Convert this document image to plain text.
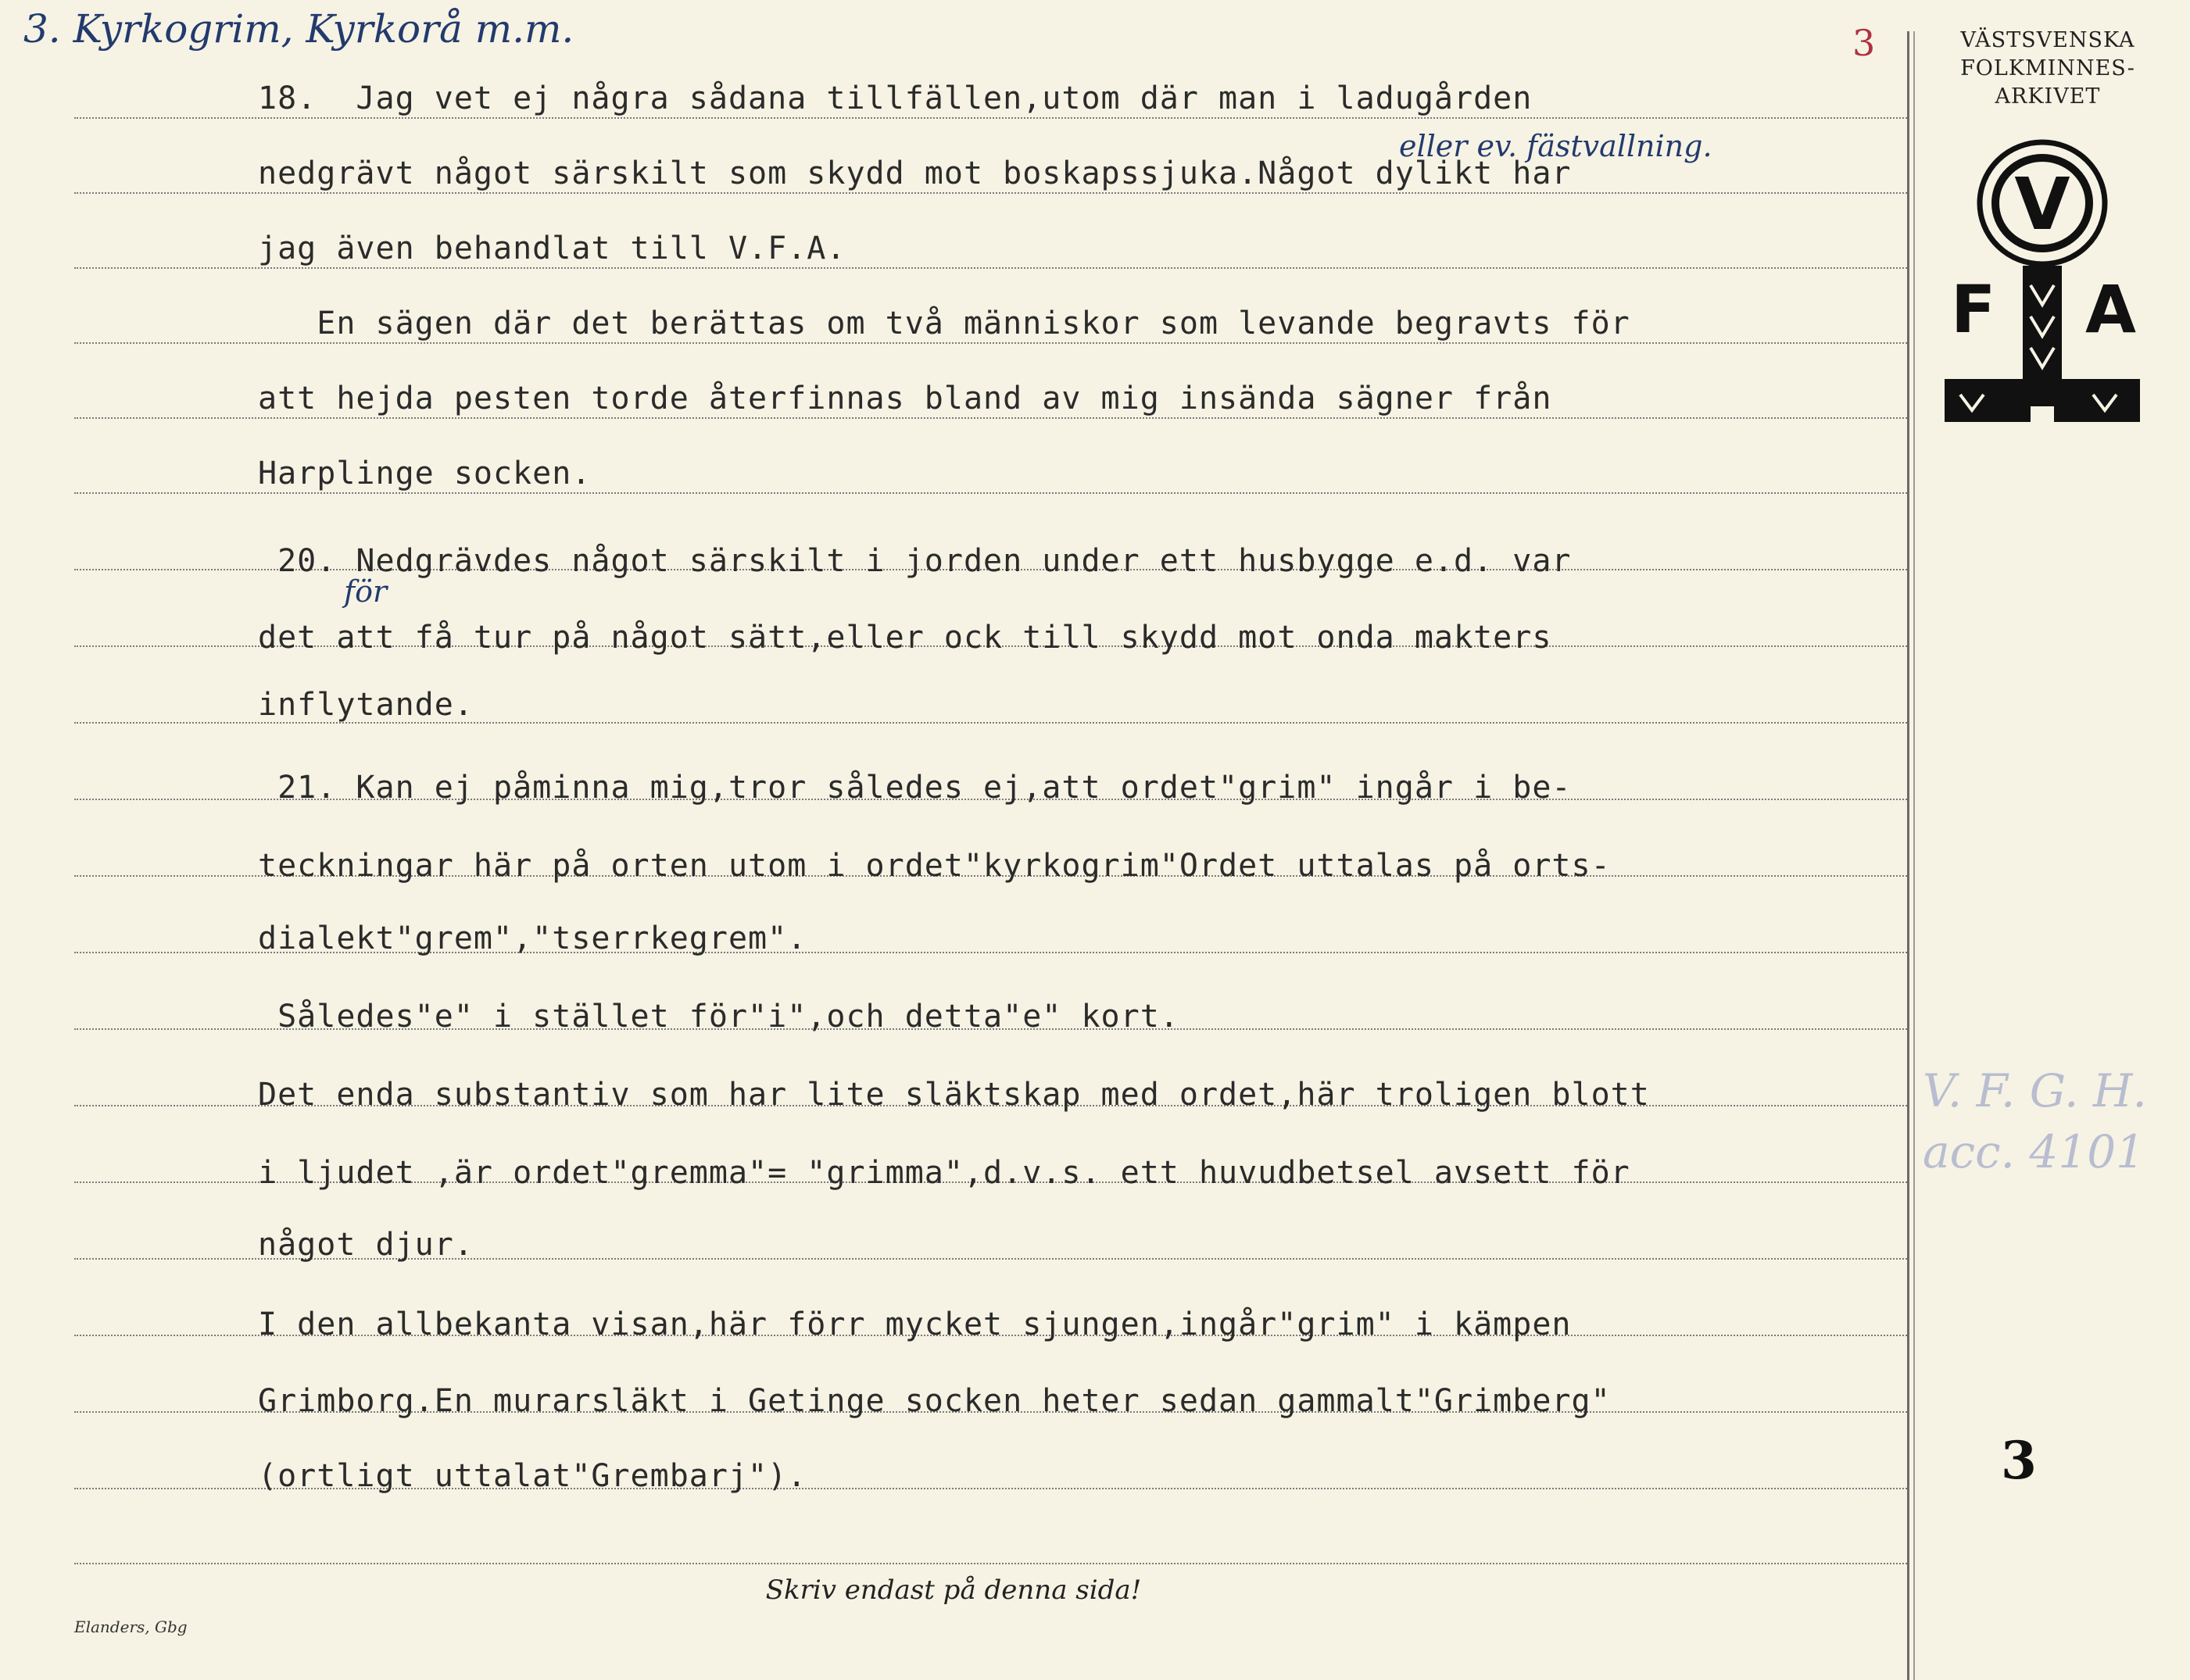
3. Kyrkogrim, Kyrkorå m.m.	3	VÄSTSVENSKA
FOLKMINNES-
ARKIVET
V
F A
V. F. G. H.
acc. 4101
3
18.  Jag vet ej några sådana tillfällen,utom där man i ladugården
nedgrävt något särskilt som skydd mot boskapssjuka.Något dylikt har
jag även behandlat till V.F.A.
En sägen där det berättas om två människor som levande begravts för
att hejda pesten torde återfinnas bland av mig insända sägner från
Harplinge socken.
20. Nedgrävdes något särskilt i jorden under ett husbygge e.d. var
det att få tur på något sätt,eller ock till skydd mot onda makters
inflytande.
21. Kan ej påminna mig,tror således ej,att ordet"grim" ingår i be-
teckningar här på orten utom i ordet"kyrkogrim"Ordet uttalas på orts-
dialekt"grem","tserrkegrem".
Således"e" i stället för"i",och detta"e" kort.
Det enda substantiv som har lite släktskap med ordet,här troligen blott
i ljudet ,är ordet"gremma"= "grimma",d.v.s. ett huvudbetsel avsett för
något djur.
I den allbekanta visan,här förr mycket sjungen,ingår"grim" i kämpen
Grimborg.En murarsläkt i Getinge socken heter sedan gammalt"Grimberg"
(ortligt uttalat"Grembarj").
eller ev. fästvallning.
för
Skriv endast på denna sida!
Elanders, Gbg
